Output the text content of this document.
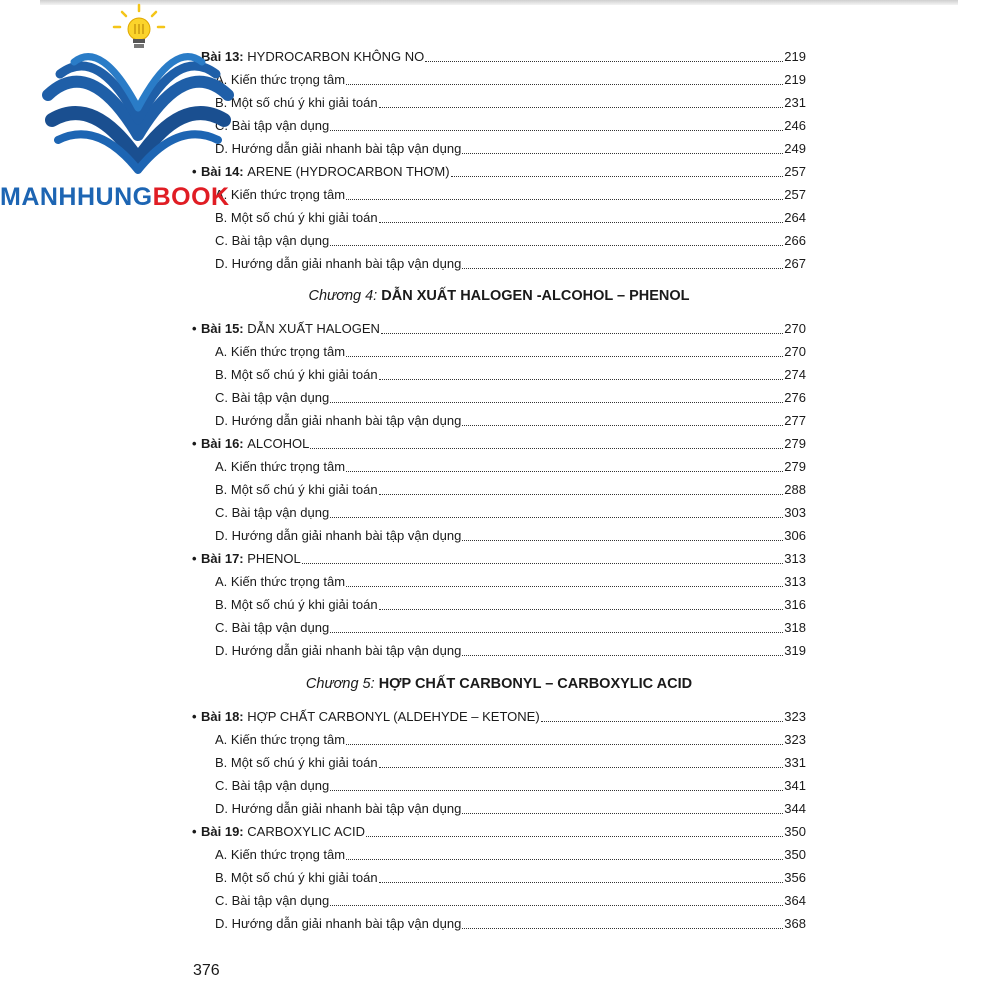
• Bài 13: HYDROCARBON KHÔNG NO	219
A. Kiến thức trọng tâm	219
B. Một số chú ý khi giải toán	231
C. Bài tập vận dụng	246
D. Hướng dẫn giải nhanh bài tập vận dụng	249
• Bài 14: ARENE (HYDROCARBON THƠM)	257
A. Kiến thức trọng tâm	257
B. Một số chú ý khi giải toán	264
C. Bài tập vận dụng	266
D. Hướng dẫn giải nhanh bài tập vận dụng	267
Chương 4: DẪN XUẤT HALOGEN -ALCOHOL – PHENOL
• Bài 15: DẪN XUẤT HALOGEN	270
A. Kiến thức trọng tâm	270
B. Một số chú ý khi giải toán	274
C. Bài tập vận dụng	276
D. Hướng dẫn giải nhanh bài tập vận dụng	277
• Bài 16: ALCOHOL	279
A. Kiến thức trọng tâm	279
B. Một số chú ý khi giải toán	288
C. Bài tập vận dụng	303
D. Hướng dẫn giải nhanh bài tập vận dụng	306
• Bài 17: PHENOL	313
A. Kiến thức trọng tâm	313
B. Một số chú ý khi giải toán	316
C. Bài tập vận dụng	318
D. Hướng dẫn giải nhanh bài tập vận dụng	319
Chương 5: HỢP CHẤT CARBONYL – CARBOXYLIC ACID
• Bài 18: HỢP CHẤT CARBONYL (ALDEHYDE – KETONE)	323
A. Kiến thức trọng tâm	323
B. Một số chú ý khi giải toán	331
C. Bài tập vận dụng	341
D. Hướng dẫn giải nhanh bài tập vận dụng	344
• Bài 19: CARBOXYLIC ACID	350
A. Kiến thức trọng tâm	350
B. Một số chú ý khi giải toán	356
C. Bài tập vận dụng	364
D. Hướng dẫn giải nhanh bài tập vận dụng	368
376
MANHHUNGBOOK
